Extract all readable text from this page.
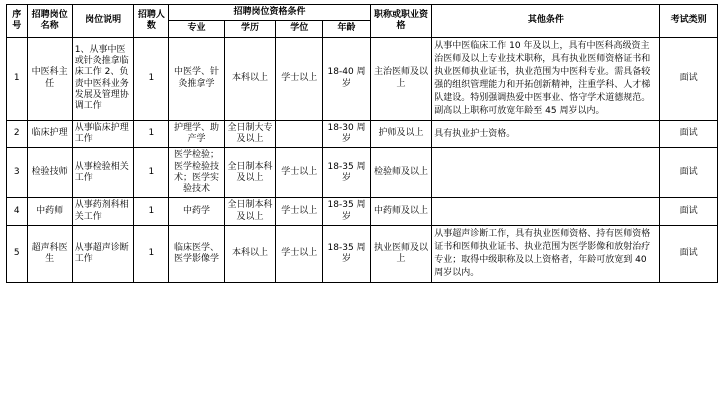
序号	招聘岗位名称	岗位说明	招聘人数	招聘岗位资格条件				职称或职业资格	其他条件	考试类别
				专业	学历	学位	年龄			
1	中医科主任	1、从事中医或针灸推拿临床工作 2、负责中医科业务发展及管理协调工作	1	中医学、针灸推拿学	本科以上	学士以上	18-40 周岁	主治医师及以上	从事中医临床工作 10 年及以上，具有中医科高级资主治医师及以上专业技术职称，具有执业医师资格证书和执业医师执业证书，执业范围为中医科专业。需具备较强的组织管理能力和开拓创新精神，注重学科、人才梯队建设。特别强调热爱中医事业、恪守学术道德规范。副高以上职称可放宽年龄至 45 周岁以内。	面试
2	临床护理	从事临床护理工作	1	护理学、助产学	全日制大专及以上		18-30 周岁	护师及以上	具有执业护士资格。	面试
3	检验技师	从事检验相关工作	1	医学检验；医学检验技术；医学实验技术	全日制本科及以上	学士以上	18-35 周岁	检验师及以上		面试
4	中药师	从事药剂科相关工作	1	中药学	全日制本科及以上	学士以上	18-35 周岁	中药师及以上		面试
5	超声科医生	从事超声诊断工作	1	临床医学、医学影像学	本科以上	学士以上	18-35 周岁	执业医师及以上	从事超声诊断工作，具有执业医师资格、持有医师资格证书和医师执业证书、执业范围为医学影像和放射治疗专业；取得中级职称及以上资格者，年龄可放宽到 40 周岁以内。	面试
